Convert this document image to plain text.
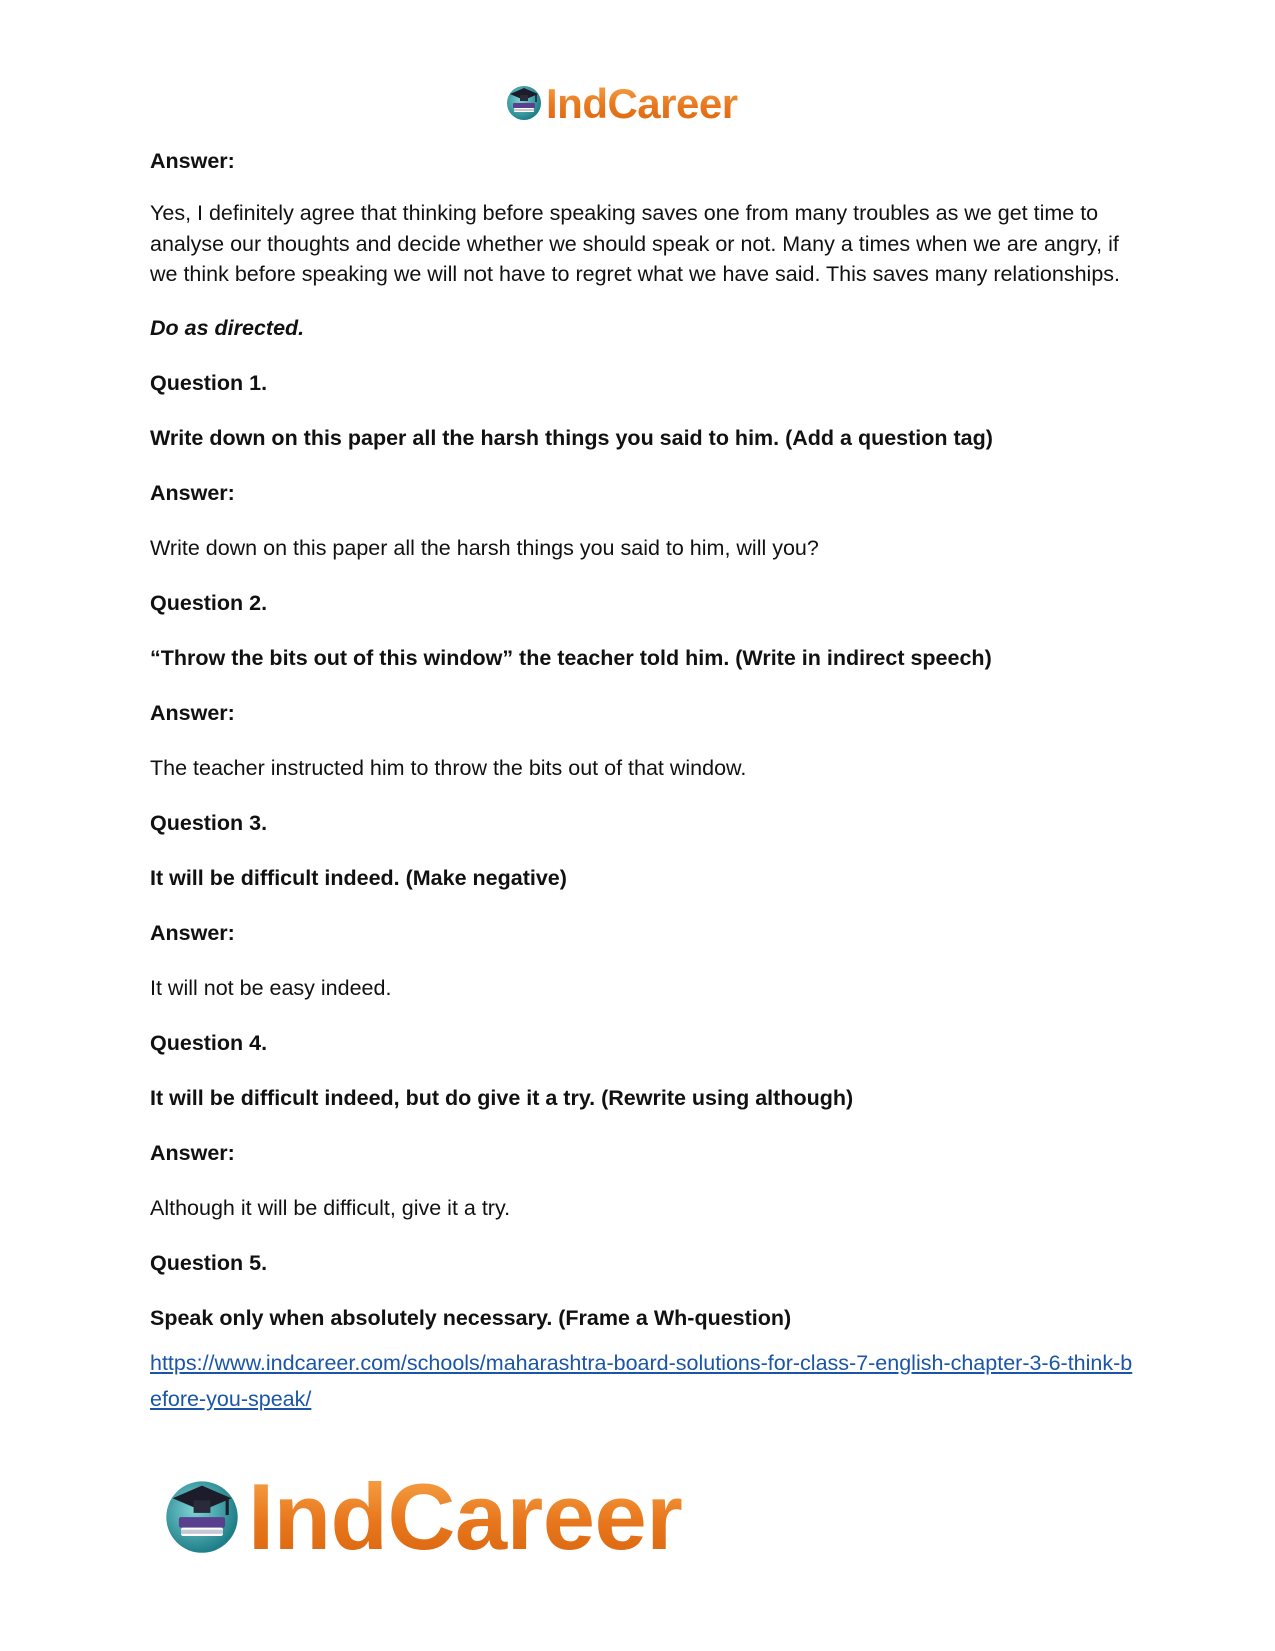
IndCareer

Answer:

Yes, I definitely agree that thinking before speaking saves one from many troubles as we get time to analyse our thoughts and decide whether we should speak or not. Many a times when we are angry, if we think before speaking we will not have to regret what we have said. This saves many relationships.

Do as directed.

Question 1.

Write down on this paper all the harsh things you said to him. (Add a question tag)

Answer:

Write down on this paper all the harsh things you said to him, will you?

Question 2.

“Throw the bits out of this window” the teacher told him. (Write in indirect speech)

Answer:

The teacher instructed him to throw the bits out of that window.

Question 3.

It will be difficult indeed. (Make negative)

Answer:

It will not be easy indeed.

Question 4.

It will be difficult indeed, but do give it a try. (Rewrite using although)

Answer:

Although it will be difficult, give it a try.

Question 5.

Speak only when absolutely necessary. (Frame a Wh-question)

https://www.indcareer.com/schools/maharashtra-board-solutions-for-class-7-english-chapter-3-6-think-before-you-speak/
IndCareer
